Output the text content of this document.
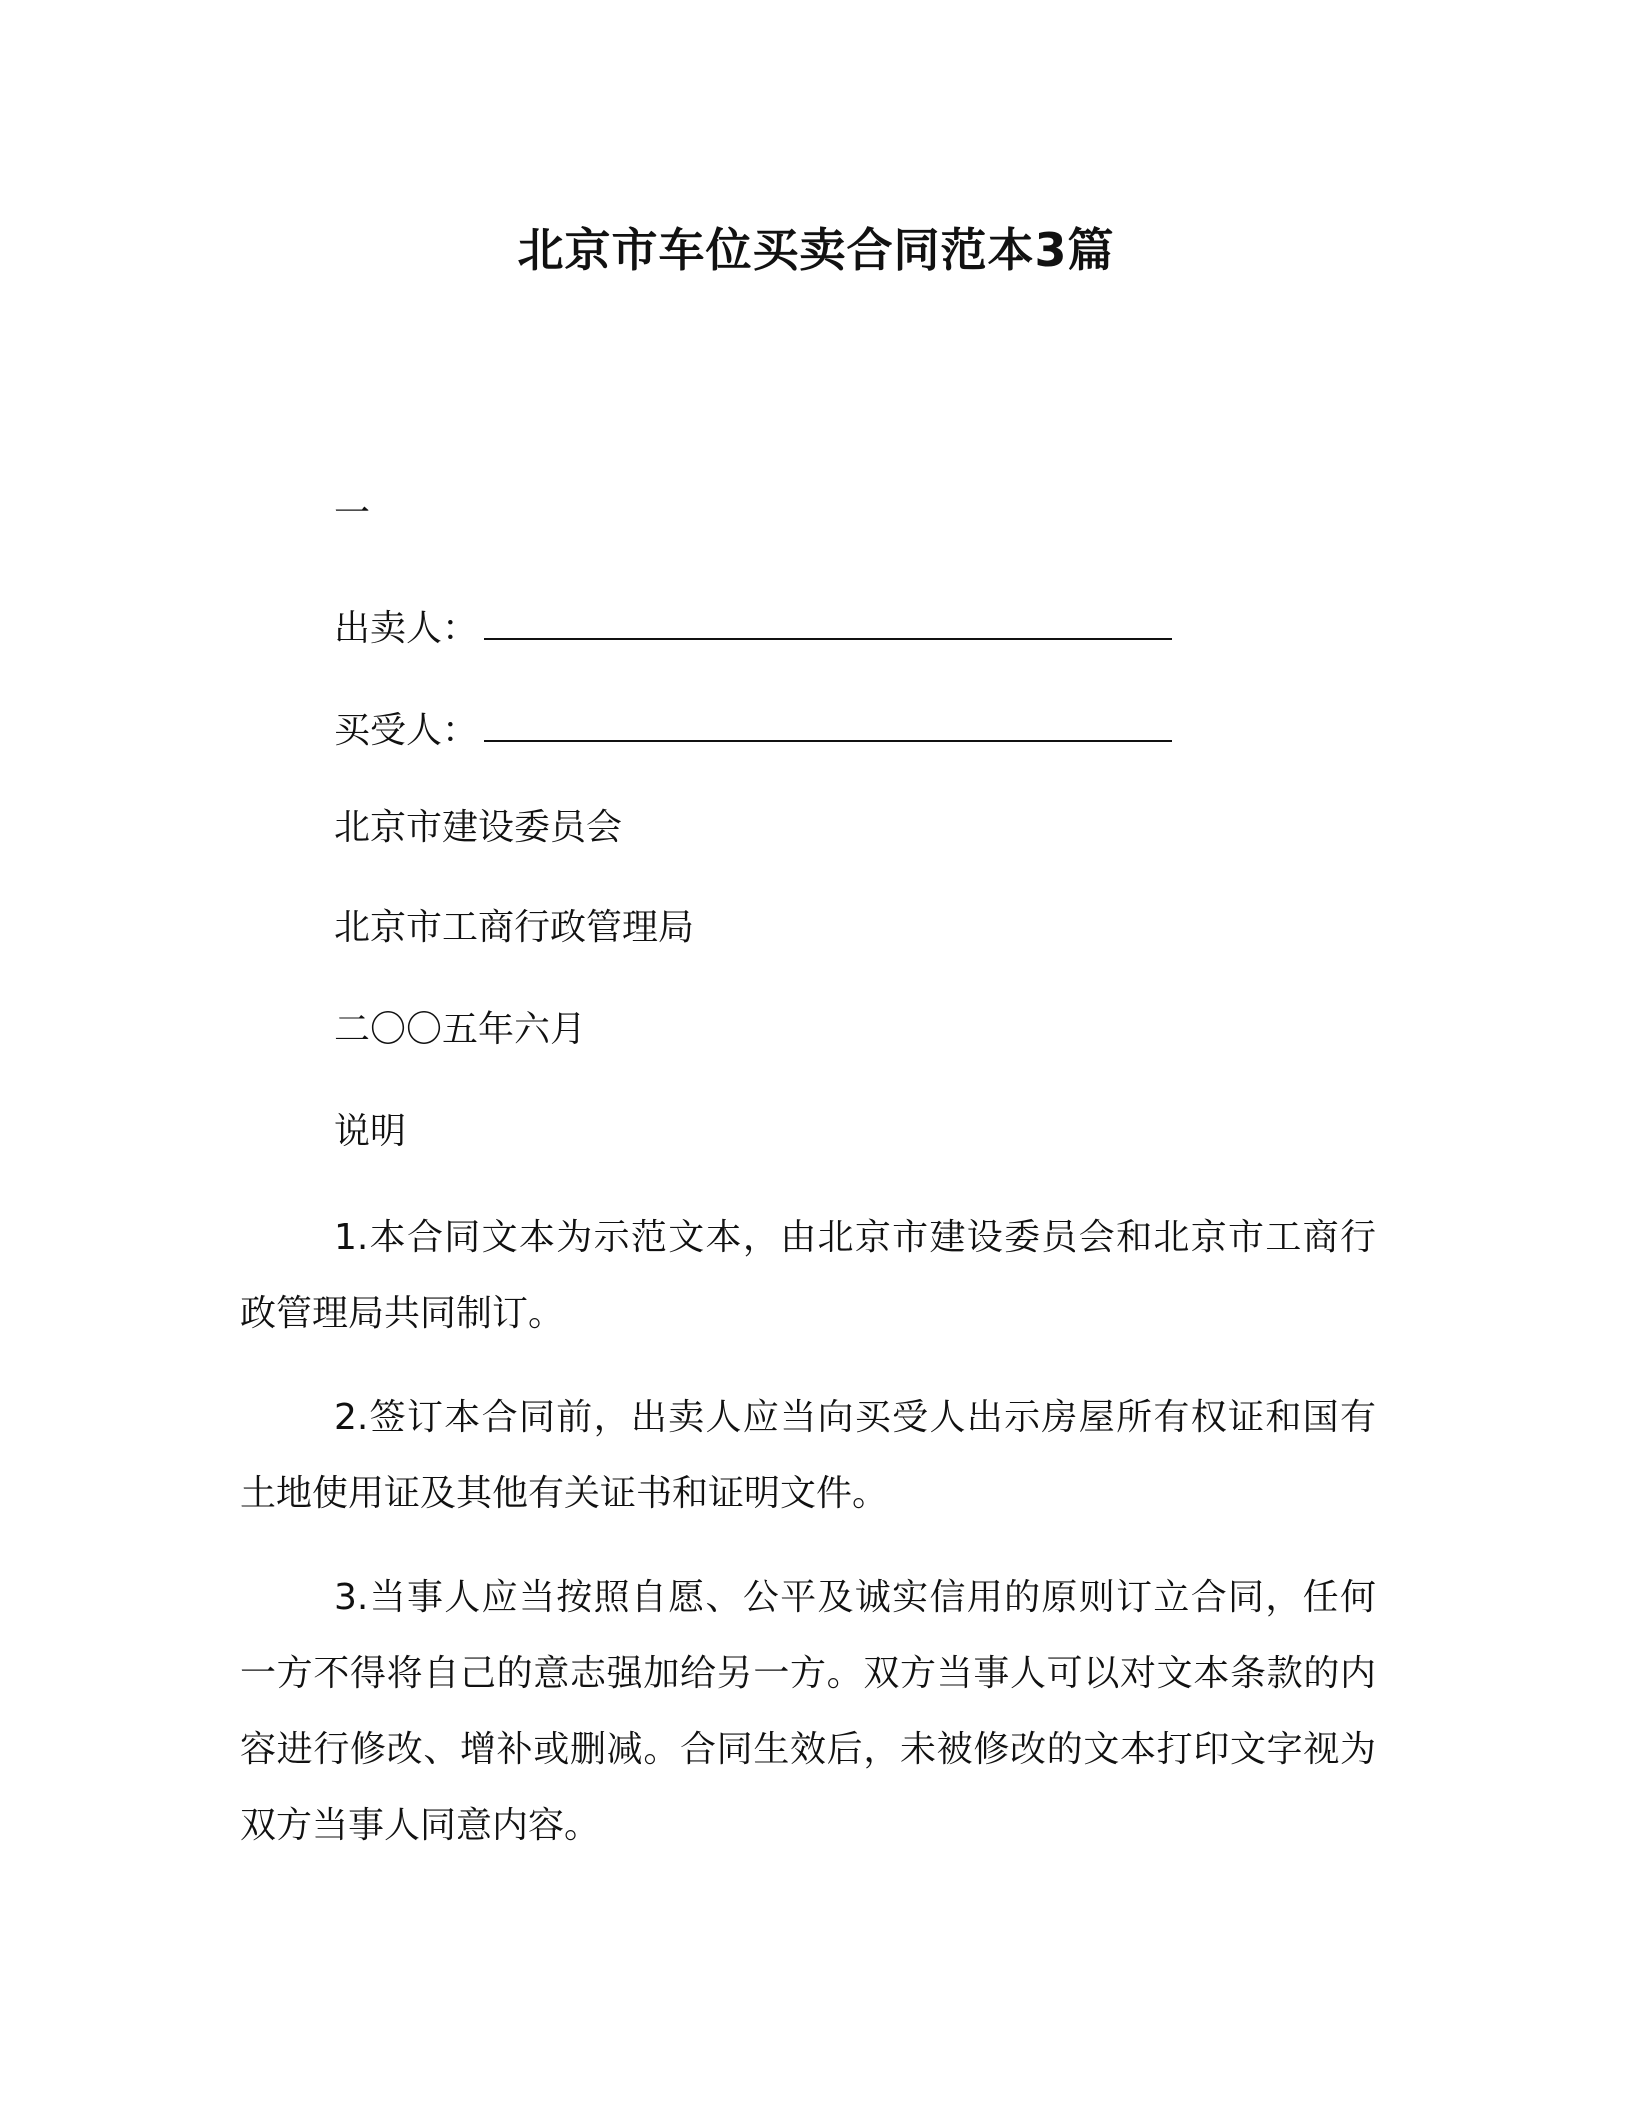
北京市车位买卖合同范本3篇
一
出卖人：
买受人：
北京市建设委员会
北京市工商行政管理局
二〇〇五年六月
说明

1.本合同文本为示范文本，由北京市建设委员会和北京市工商行政管理局共同制订。

2.签订本合同前，出卖人应当向买受人出示房屋所有权证和国有土地使用证及其他有关证书和证明文件。

3.当事人应当按照自愿、公平及诚实信用的原则订立合同，任何一方不得将自己的意志强加给另一方。双方当事人可以对文本条款的内容进行修改、增补或删减。合同生效后，未被修改的文本打印文字视为双方当事人同意内容。
